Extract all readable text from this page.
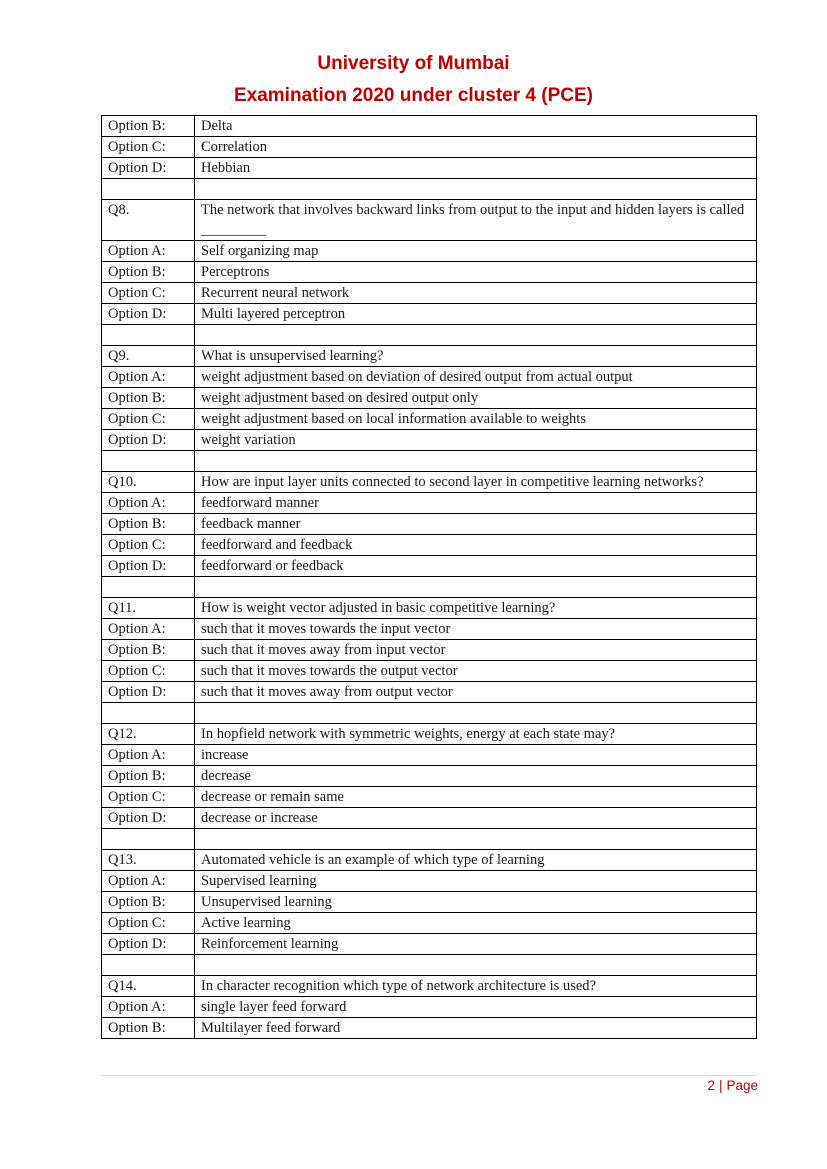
University of Mumbai
Examination 2020 under cluster 4 (PCE)
Option B:	Delta
Option C:	Correlation
Option D:	Hebbian

Q8.	The network that involves backward links from output to the input and hidden layers is called _________
Option A:	Self organizing map
Option B:	Perceptrons
Option C:	Recurrent neural network
Option D:	Multi layered perceptron

Q9.	What is unsupervised learning?
Option A:	weight adjustment based on deviation of desired output from actual output
Option B:	weight adjustment based on desired output only
Option C:	weight adjustment based on local information available to weights
Option D:	weight variation

Q10.	How are input layer units connected to second layer in competitive learning networks?
Option A:	feedforward manner
Option B:	feedback manner
Option C:	feedforward and feedback
Option D:	feedforward or feedback

Q11.	How is weight vector adjusted in basic competitive learning?
Option A:	such that it moves towards the input vector
Option B:	such that it moves away from input vector
Option C:	such that it moves towards the output vector
Option D:	such that it moves away from output vector

Q12.	In hopfield network with symmetric weights, energy at each state may?
Option A:	increase
Option B:	decrease
Option C:	decrease or remain same
Option D:	decrease or increase

Q13.	Automated vehicle is an example of which type of learning
Option A:	Supervised learning
Option B:	Unsupervised learning
Option C:	Active learning
Option D:	Reinforcement learning

Q14.	In character recognition which type of network architecture is used?
Option A:	single layer feed forward
Option B:	Multilayer feed forward
2 | Page
